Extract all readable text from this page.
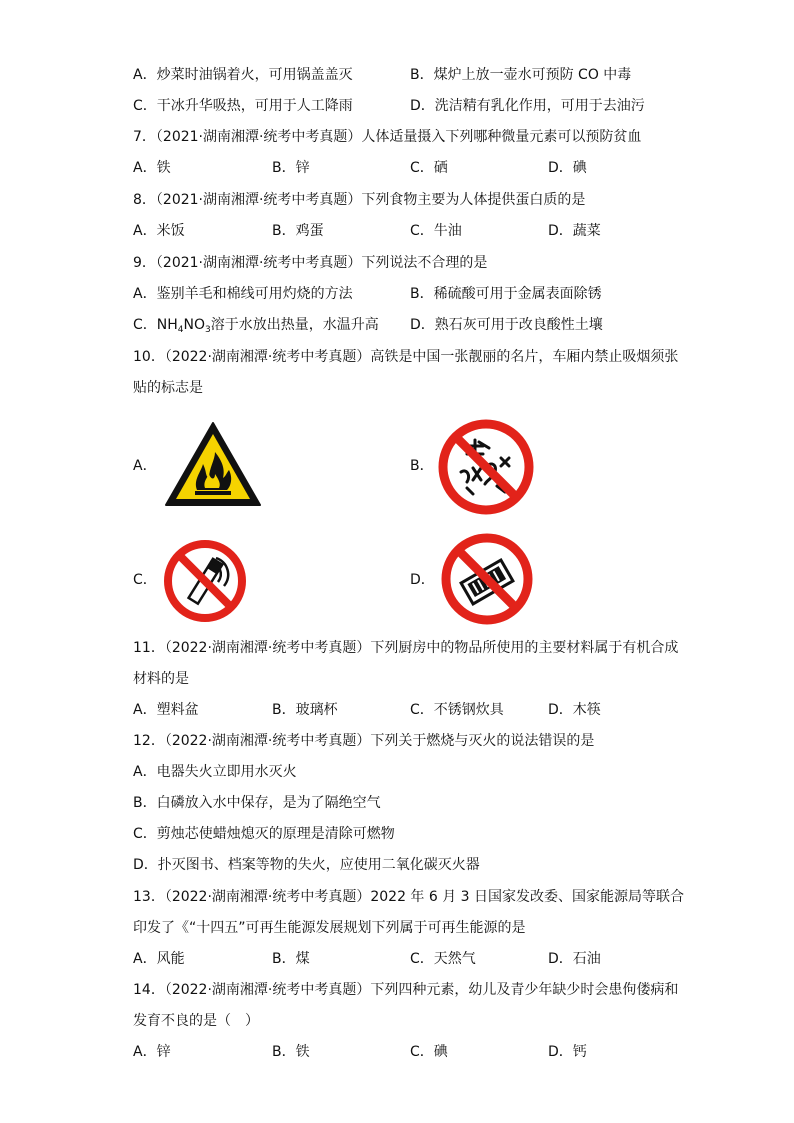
A．炒菜时油锅着火，可用锅盖盖灭	B．煤炉上放一壶水可预防 CO 中毒
C．干冰升华吸热，可用于人工降雨	D．洗洁精有乳化作用，可用于去油污
7．（2021·湖南湘潭·统考中考真题）人体适量摄入下列哪种微量元素可以预防贫血
A．铁	B．锌	C．硒	D．碘
8．（2021·湖南湘潭·统考中考真题）下列食物主要为人体提供蛋白质的是
A．米饭	B．鸡蛋	C．牛油	D．蔬菜
9．（2021·湖南湘潭·统考中考真题）下列说法不合理的是
A．鉴别羊毛和棉线可用灼烧的方法	B．稀硫酸可用于金属表面除锈
C．$NH_4NO_3$溶于水放出热量，水温升高 D．熟石灰可用于改良酸性土壤
10．（2022·湖南湘潭·统考中考真题）高铁是中国一张靓丽的名片，车厢内禁止吸烟须张
贴的标志是
A．	B．
C．	D．
11．（2022·湖南湘潭·统考中考真题）下列厨房中的物品所使用的主要材料属于有机合成
材料的是
A．塑料盆	B．玻璃杯	C．不锈钢炊具	D．木筷
12．（2022·湖南湘潭·统考中考真题）下列关于燃烧与灭火的说法错误的是
A．电器失火立即用水灭火
B．白磷放入水中保存，是为了隔绝空气
C．剪烛芯使蜡烛熄灭的原理是清除可燃物
D．扑灭图书、档案等物的失火，应使用二氧化碳灭火器
13．（2022·湖南湘潭·统考中考真题）2022 年 6 月 3 日国家发改委、国家能源局等联合
印发了《“十四五”可再生能源发展规划下列属于可再生能源的是
A．风能	B．煤	C．天然气	D．石油
14．（2022·湖南湘潭·统考中考真题）下列四种元素，幼儿及青少年缺少时会患佝偻病和
发育不良的是（　）
A．锌	B．铁	C．碘	D．钙
